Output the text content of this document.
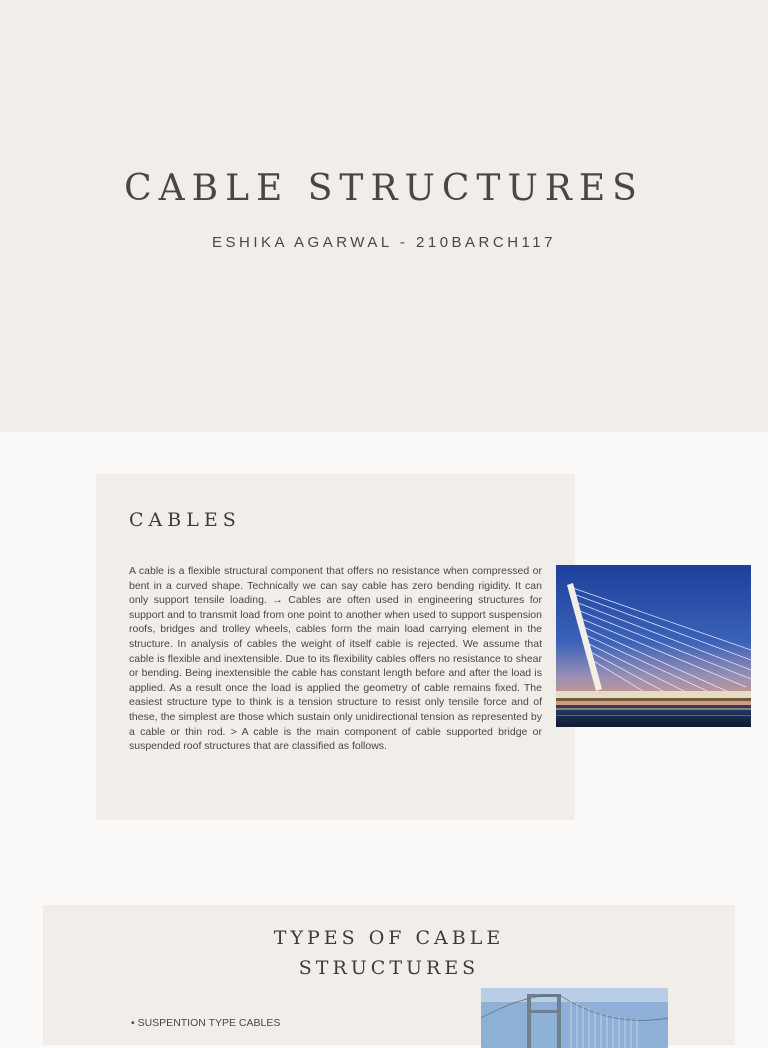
CABLE STRUCTURES
ESHIKA AGARWAL - 210BARCH117
CABLES

A cable is a flexible structural component that offers no resistance when compressed or bent in a curved shape. Technically we can say cable has zero bending rigidity. It can only support tensile loading. → Cables are often used in engineering structures for support and to transmit load from one point to another when used to support suspension roofs, bridges and trolley wheels, cables form the main load carrying element in the structure. In analysis of cables the weight of itself cable is rejected. We assume that cable is flexible and inextensible. Due to its flexibility cables offers no resistance to shear or bending. Being inextensible the cable has constant length before and after the load is applied. As a result once the load is applied the geometry of cable remains fixed. The easiest structure type to think is a tension structure to resist only tensile force and of these, the simplest are those which sustain only unidirectional tension as represented by a cable or thin rod. > A cable is the main component of cable supported bridge or suspended roof structures that are classified as follows.

TYPES OF CABLE
STRUCTURES
• SUSPENTION TYPE CABLES
